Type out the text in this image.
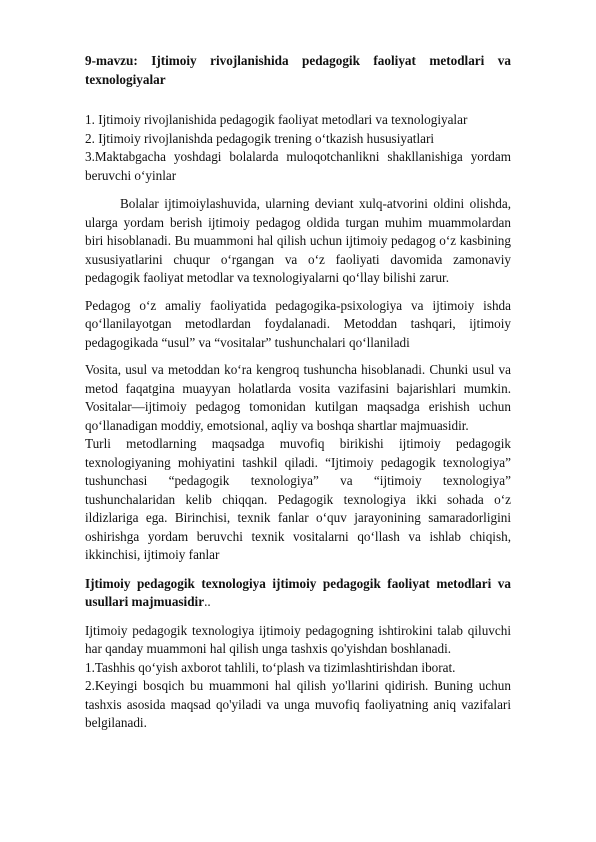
9-mavzu: Ijtimoiy rivojlanishida pedagogik faoliyat metodlari va texnologiyalar

1. Ijtimoiy rivojlanishida pedagogik faoliyat metodlari va texnologiyalar

2. Ijtimoiy rivojlanishda pedagogik trening o‘tkazish hususiyatlari

3.Maktabgacha yoshdagi bolalarda muloqotchanlikni shakllanishiga yordam beruvchi o‘yinlar

Bolalar ijtimoiylashuvida, ularning deviant xulq-atvorini oldini olishda, ularga yordam berish ijtimoiy pedagog oldida turgan muhim muammolardan biri hisoblanadi. Bu muammoni hal qilish uchun ijtimoiy pedagog o‘z kasbining xususiyatlarini chuqur o‘rgangan va o‘z faoliyati davomida zamonaviy pedagogik faoliyat metodlar va texnologiyalarni qo‘llay bilishi zarur.

Pedagog o‘z amaliy faoliyatida pedagogika-psixologiya va ijtimoiy ishda qo‘llanilayotgan metodlardan foydalanadi. Metoddan tashqari, ijtimoiy pedagogikada “usul” va “vositalar” tushunchalari qo‘llaniladi

Vosita, usul va metoddan ko‘ra kengroq tushuncha hisoblanadi. Chunki usul va metod faqatgina muayyan holatlarda vosita vazifasini bajarishlari mumkin. Vositalar—ijtimoiy pedagog tomonidan kutilgan maqsadga erishish uchun qo‘llanadigan moddiy, emotsional, aqliy va boshqa shartlar majmuasidir.

Turli metodlarning maqsadga muvofiq birikishi ijtimoiy pedagogik texnologiyaning mohiyatini tashkil qiladi. “Ijtimoiy pedagogik texnologiya” tushunchasi “pedagogik texnologiya” va “ijtimoiy texnologiya” tushunchalaridan kelib chiqqan. Pedagogik texnologiya ikki sohada o‘z ildizlariga ega. Birinchisi, texnik fanlar o‘quv jarayonining samaradorligini oshirishga yordam beruvchi texnik vositalarni qo‘llash va ishlab chiqish, ikkinchisi, ijtimoiy fanlar

Ijtimoiy pedagogik texnologiya ijtimoiy pedagogik faoliyat metodlari va usullari majmuasidir..

Ijtimoiy pedagogik texnologiya ijtimoiy pedagogning ishtirokini talab qiluvchi har qanday muammoni hal qilish unga tashxis qo'yishdan boshlanadi.

1.Tashhis qo‘yish axborot tahlili, to‘plash va tizimlashtirishdan iborat.

2.Keyingi bosqich bu muammoni hal qilish yo'llarini qidirish. Buning uchun tashxis asosida maqsad qo'yiladi va unga muvofiq faoliyatning aniq vazifalari belgilanadi.
